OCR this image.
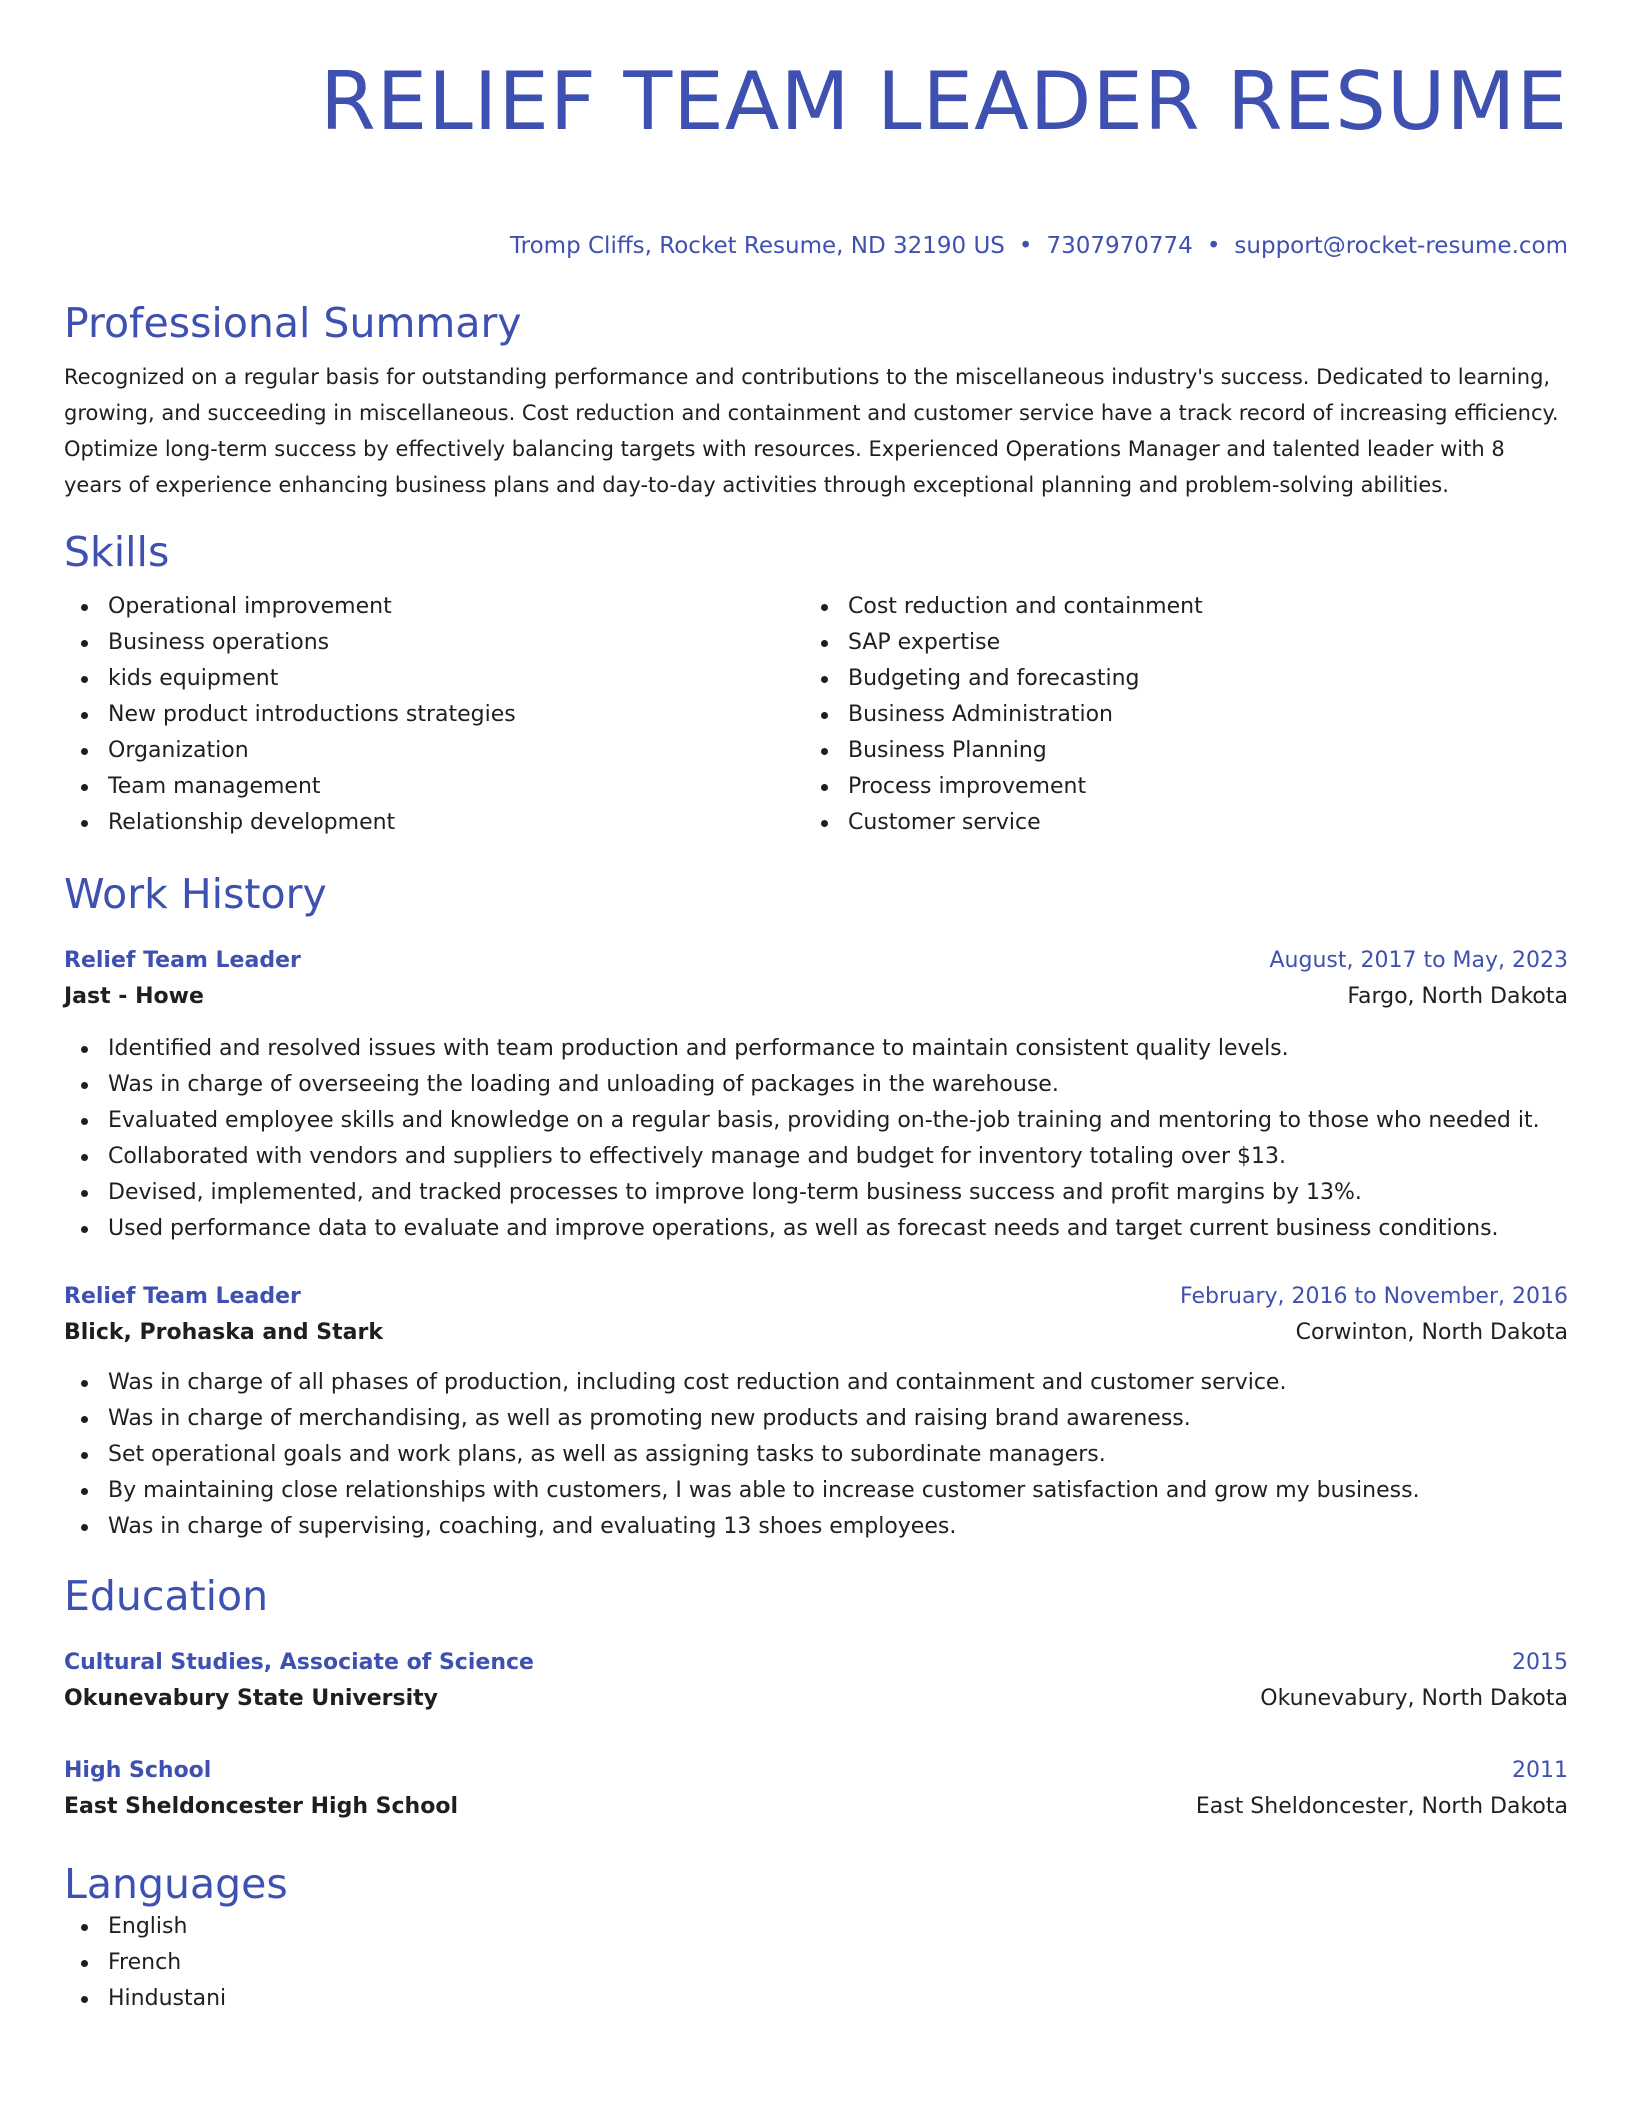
RELIEF TEAM LEADER RESUME
Tromp Cliffs, Rocket Resume, ND 32190 US • 7307970774 • support@rocket-resume.com
Professional Summary
Recognized on a regular basis for outstanding performance and contributions to the miscellaneous industry's success. Dedicated to learning, growing, and succeeding in miscellaneous. Cost reduction and containment and customer service have a track record of increasing efficiency. Optimize long-term success by effectively balancing targets with resources. Experienced Operations Manager and talented leader with 8 years of experience enhancing business plans and day-to-day activities through exceptional planning and problem-solving abilities.
Skills
Operational improvement
Business operations
kids equipment
New product introductions strategies
Organization
Team management
Relationship development
Cost reduction and containment
SAP expertise
Budgeting and forecasting
Business Administration
Business Planning
Process improvement
Customer service
Work History
Relief Team Leader	August, 2017 to May, 2023
Jast - Howe	Fargo, North Dakota
Identified and resolved issues with team production and performance to maintain consistent quality levels.
Was in charge of overseeing the loading and unloading of packages in the warehouse.
Evaluated employee skills and knowledge on a regular basis, providing on-the-job training and mentoring to those who needed it.
Collaborated with vendors and suppliers to effectively manage and budget for inventory totaling over $13.
Devised, implemented, and tracked processes to improve long-term business success and profit margins by 13%.
Used performance data to evaluate and improve operations, as well as forecast needs and target current business conditions.
Relief Team Leader	February, 2016 to November, 2016
Blick, Prohaska and Stark	Corwinton, North Dakota
Was in charge of all phases of production, including cost reduction and containment and customer service.
Was in charge of merchandising, as well as promoting new products and raising brand awareness.
Set operational goals and work plans, as well as assigning tasks to subordinate managers.
By maintaining close relationships with customers, I was able to increase customer satisfaction and grow my business.
Was in charge of supervising, coaching, and evaluating 13 shoes employees.
Education
Cultural Studies, Associate of Science	2015
Okunevabury State University	Okunevabury, North Dakota
High School	2011
East Sheldoncester High School	East Sheldoncester, North Dakota
Languages
English
French
Hindustani
